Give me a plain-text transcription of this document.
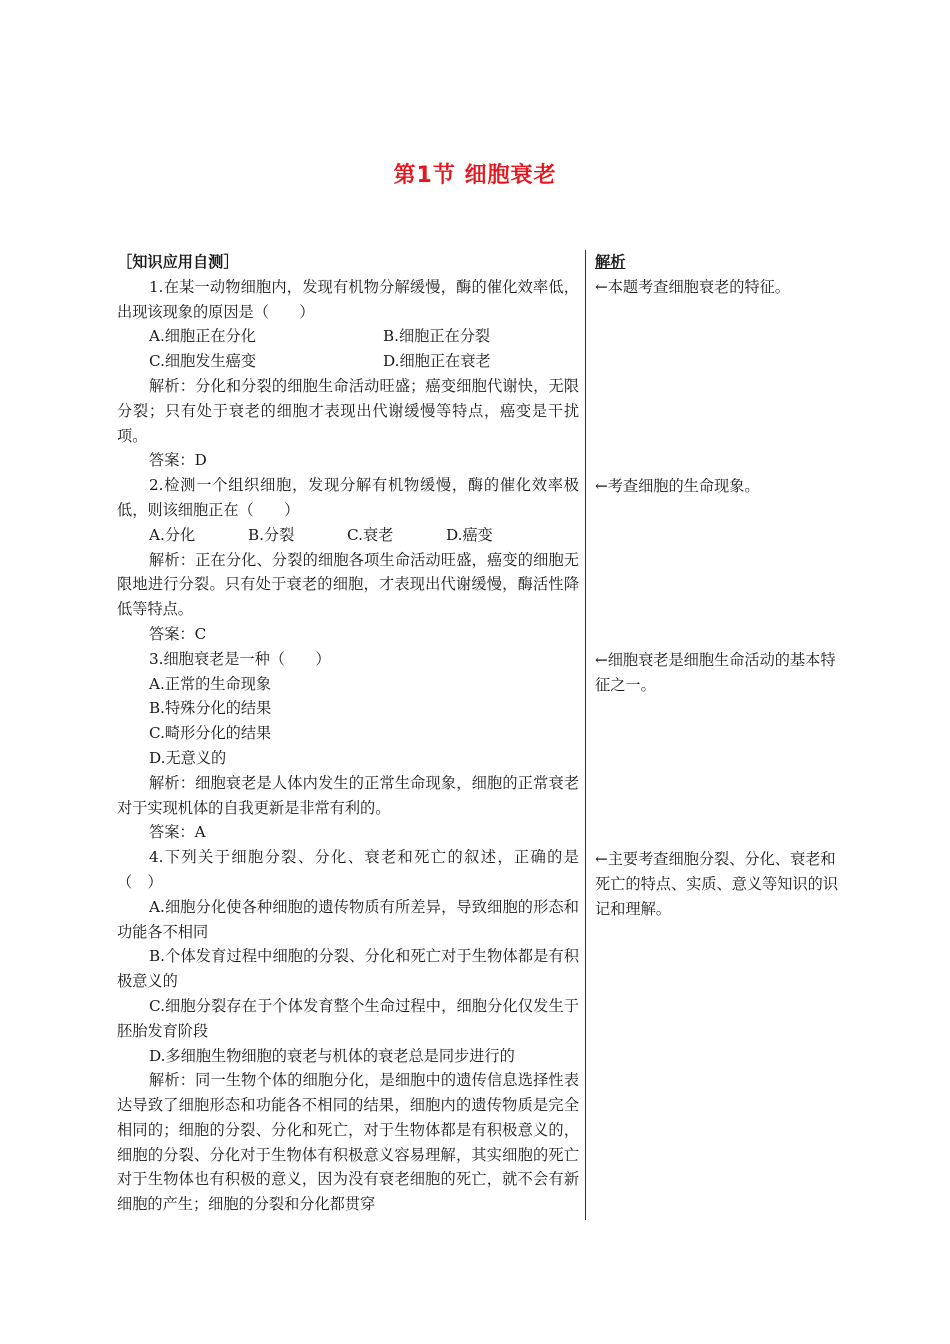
第1节 细胞衰老

［知识应用自测］

1.在某一动物细胞内，发现有机物分解缓慢，酶的催化效率低，出现该现象的原因是（　　）

A.细胞正在分化	B.细胞正在分裂
C.细胞发生癌变	D.细胞正在衰老

解析：分化和分裂的细胞生命活动旺盛；癌变细胞代谢快，无限分裂；只有处于衰老的细胞才表现出代谢缓慢等特点，癌变是干扰项。

答案：D

2.检测一个组织细胞，发现分解有机物缓慢，酶的催化效率极低，则该细胞正在（　　）

A.分化	B.分裂	C.衰老	D.癌变

解析：正在分化、分裂的细胞各项生命活动旺盛，癌变的细胞无限地进行分裂。只有处于衰老的细胞，才表现出代谢缓慢，酶活性降低等特点。

答案：C

3.细胞衰老是一种（　　）

A.正常的生命现象

B.特殊分化的结果

C.畸形分化的结果

D.无意义的

解析：细胞衰老是人体内发生的正常生命现象，细胞的正常衰老对于实现机体的自我更新是非常有利的。

答案：A

4.下列关于细胞分裂、分化、衰老和死亡的叙述，正确的是（　）

A.细胞分化使各种细胞的遗传物质有所差异，导致细胞的形态和功能各不相同

B.个体发育过程中细胞的分裂、分化和死亡对于生物体都是有积极意义的

C.细胞分裂存在于个体发育整个生命过程中，细胞分化仅发生于胚胎发育阶段

D.多细胞生物细胞的衰老与机体的衰老总是同步进行的

解析：同一生物个体的细胞分化，是细胞中的遗传信息选择性表达导致了细胞形态和功能各不相同的结果，细胞内的遗传物质是完全相同的；细胞的分裂、分化和死亡，对于生物体都是有积极意义的，细胞的分裂、分化对于生物体有积极意义容易理解，其实细胞的死亡对于生物体也有积极的意义，因为没有衰老细胞的死亡，就不会有新细胞的产生；细胞的分裂和分化都贯穿

解析

←本题考查细胞衰老的特征。

←考查细胞的生命现象。

←细胞衰老是细胞生命活动的基本特征之一。

←主要考查细胞分裂、分化、衰老和死亡的特点、实质、意义等知识的识记和理解。
